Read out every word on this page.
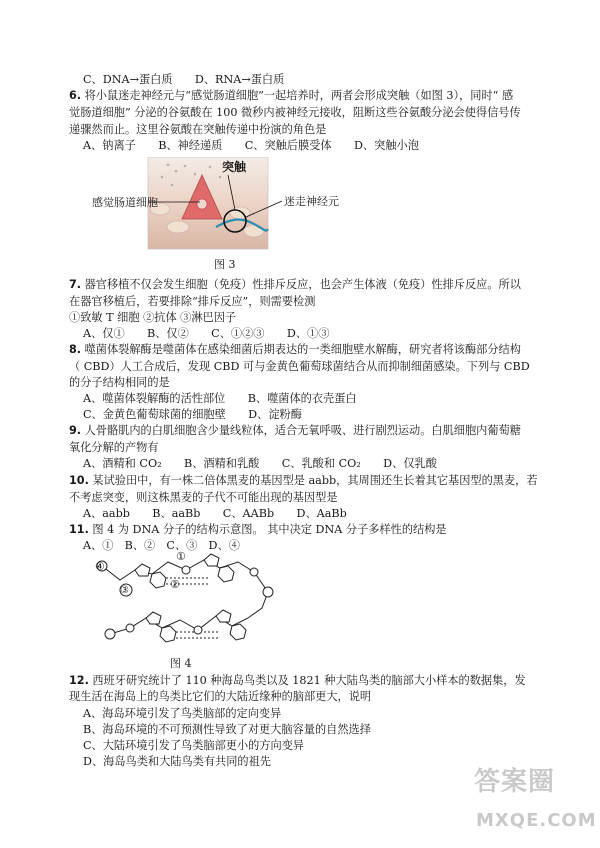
C、DNA→蛋白质　　D、RNA→蛋白质
6. 将小鼠迷走神经元与“感觉肠道细胞”一起培养时，两者会形成突触（如图 3），同时“ 感
觉肠道细胞” 分泌的谷氨酸在 100 微秒内被神经元接收，阻断这些谷氨酸分泌会使得信号传
递骤然而止。这里谷氨酸在突触传递中扮演的角色是
A、钠离子　　B、神经递质　　C、突触后膜受体　　D、突触小泡
突触
感觉肠道细胞	迷走神经元
图 3
7. 器官移植不仅会发生细胞（免疫）性排斥反应，也会产生体液（免疫）性排斥反应。所以
在器官移植后，若要排除“排斥反应”，则需要检测
①致敏 T 细胞 ②抗体 ③淋巴因子
A、仅①　　B、仅②　　C、①②③　　D、①③
8. 噬菌体裂解酶是噬菌体在感染细菌后期表达的一类细胞壁水解酶，研究者将该酶部分结构
（ CBD）人工合成后，发现 CBD 可与金黄色葡萄球菌结合从而抑制细菌感染。下列与 CBD
的分子结构相同的是
A、噬菌体裂解酶的活性部位　　B、噬菌体的衣壳蛋白
C、金黄色葡萄球菌的细胞壁　　D、淀粉酶
9. 人骨骼肌内的白肌细胞含少量线粒体，适合无氧呼吸、进行剧烈运动。白肌细胞内葡萄糖
氧化分解的产物有
A、酒精和 CO₂　　B、酒精和乳酸　　C、乳酸和 CO₂　　D、仅乳酸
10. 某试验田中，有一株二倍体黑麦的基因型是 aabb，其周围还生长着其它基因型的黑麦，若
不考虑突变，则这株黑麦的子代不可能出现的基因型是
A、aabb　　B、aaBb　　C、AABb　　D、AaBb
11. 图 4 为 DNA 分子的结构示意图。 其中决定 DNA 分子多样性的结构是
A、①　B、②　C、③　D、④
①
②
③
④
图 4
12. 西班牙研究统计了 110 种海岛鸟类以及 1821 种大陆鸟类的脑部大小样本的数据集，发
现生活在海岛上的鸟类比它们的大陆近缘种的脑部更大，说明
A、海岛环境引发了鸟类脑部的定向变异
B、海岛环境的不可预测性导致了对更大脑容量的自然选择
C、大陆环境引发了鸟类脑部更小的方向变异
D、海岛鸟类和大陆鸟类有共同的祖先
答案圈
MXQE.COM
